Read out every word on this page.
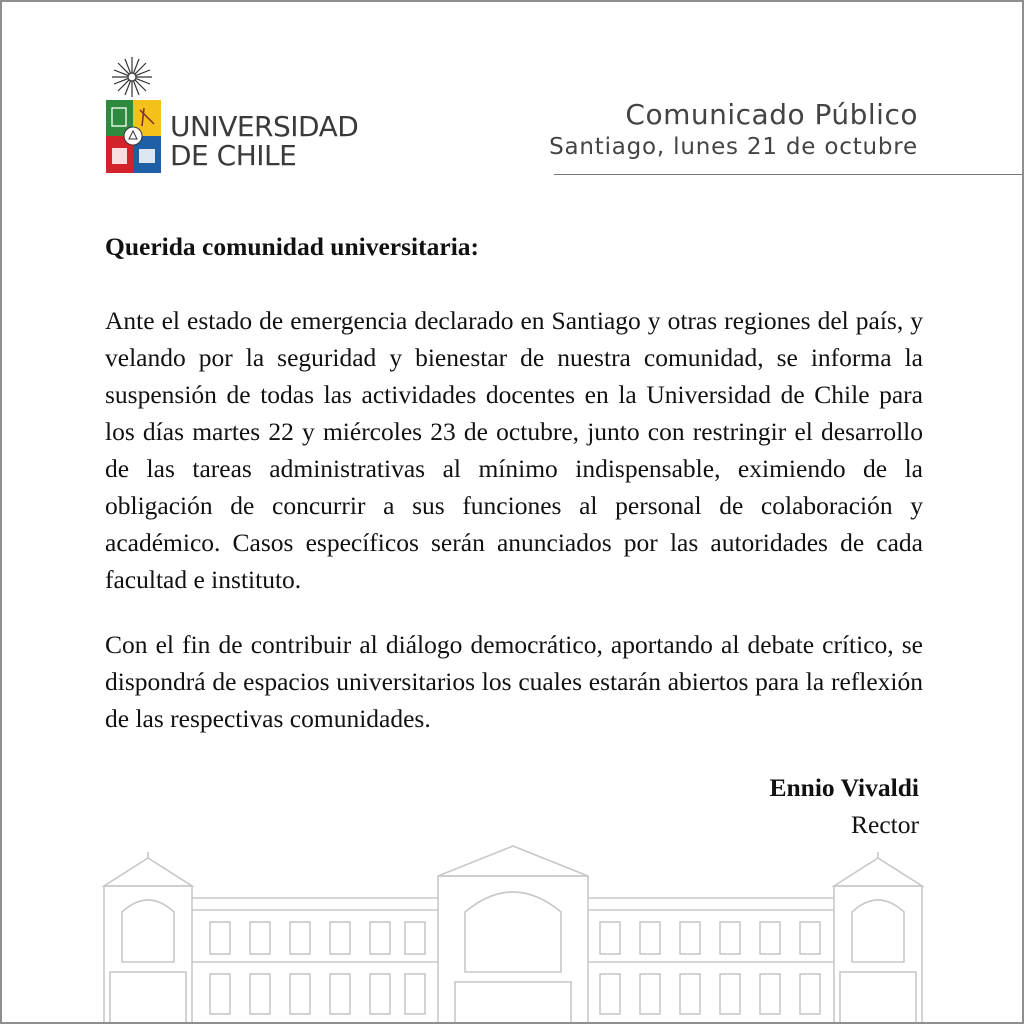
UNIVERSIDAD
DE CHILE
Comunicado Público
Santiago, lunes 21 de octubre

Querida comunidad universitaria:

Ante el estado de emergencia declarado en Santiago y otras regiones del país, y velando por la seguridad y bienestar de nuestra comunidad, se informa la suspensión de todas las actividades docentes en la Universidad de Chile para los días martes 22 y miércoles 23 de octubre, junto con restringir el desarrollo de las tareas administrativas al mínimo indispensable, eximiendo de la obligación de concurrir a sus funciones al personal de colaboración y académico. Casos específicos serán anunciados por las autoridades de cada facultad e instituto.

Con el fin de contribuir al diálogo democrático, aportando al debate crítico, se dispondrá de espacios universitarios los cuales estarán abiertos para la reflexión de las respectivas comunidades.

Ennio Vivaldi
Rector
